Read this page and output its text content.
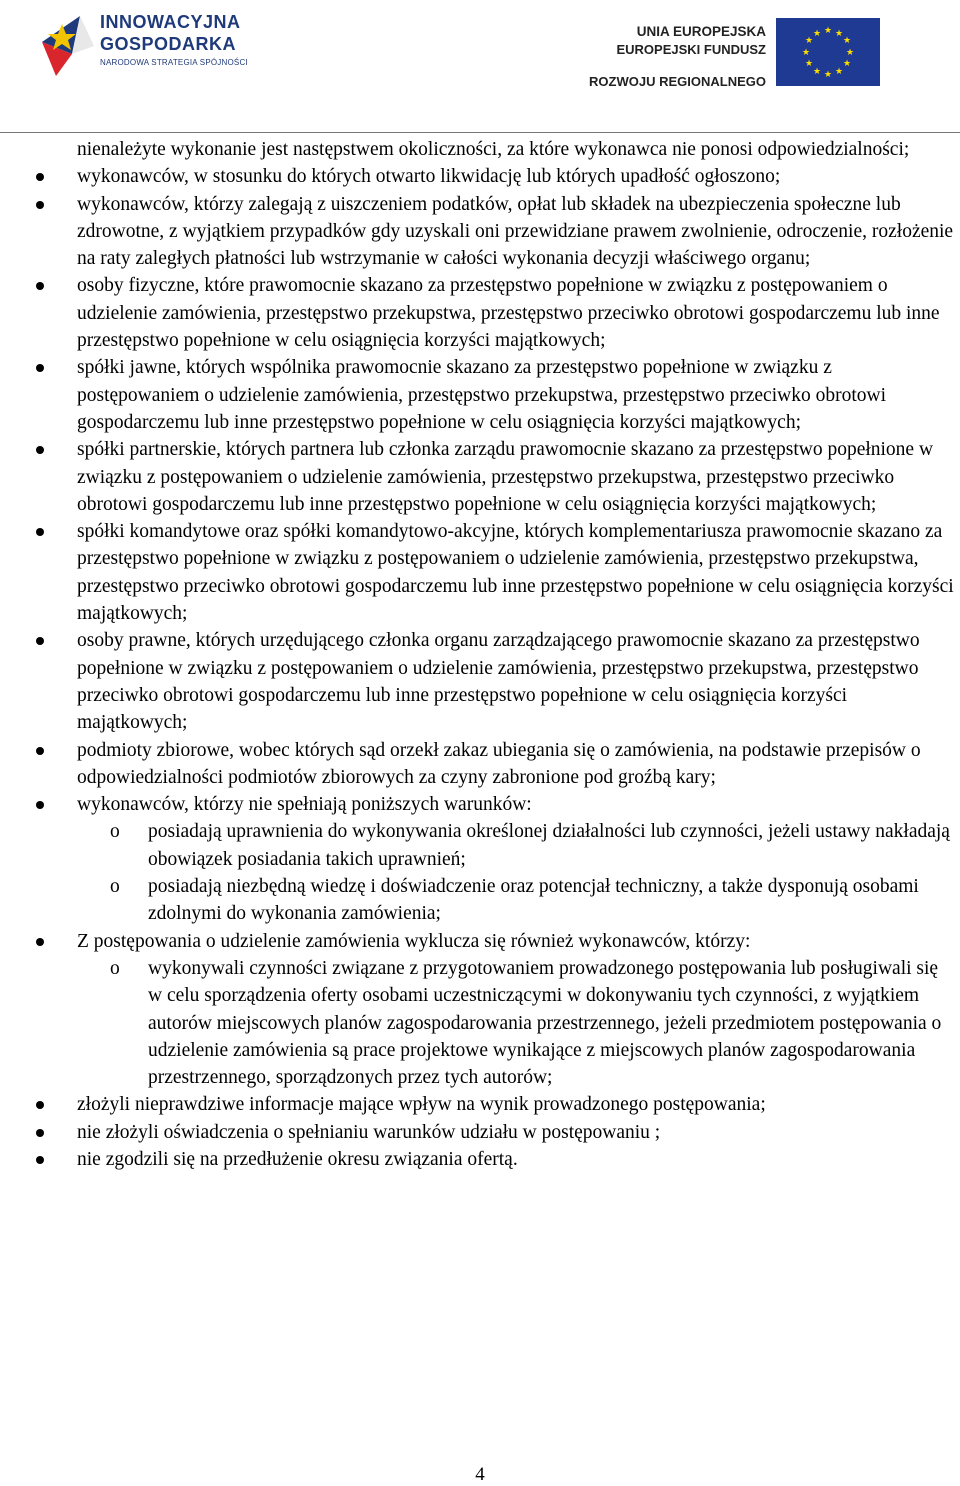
INNOWACYJNA
GOSPODARKA
NARODOWA STRATEGIA SPÓJNOŚCI
UNIA EUROPEJSKA
EUROPEJSKI FUNDUSZ
ROZWOJU REGIONALNEGO
★ ★
★
★
★
★
★
★
★
★
★
★

nienależyte wykonanie jest następstwem okoliczności, za które wykonawca nie ponosi odpowiedzialności;

wykonawców, w stosunku do których otwarto likwidację lub których upadłość ogłoszono;
wykonawców, którzy zalegają z uiszczeniem podatków, opłat lub składek na ubezpieczenia społeczne lub zdrowotne, z wyjątkiem przypadków gdy uzyskali oni przewidziane prawem zwolnienie, odroczenie, rozłożenie na raty zaległych płatności lub wstrzymanie w całości wykonania decyzji właściwego organu;
osoby fizyczne, które prawomocnie skazano za przestępstwo popełnione w związku z postępowaniem o udzielenie zamówienia, przestępstwo przekupstwa, przestępstwo przeciwko obrotowi gospodarczemu lub inne przestępstwo popełnione w celu osiągnięcia korzyści majątkowych;
spółki jawne, których wspólnika prawomocnie skazano za przestępstwo popełnione w związku z postępowaniem o udzielenie zamówienia, przestępstwo przekupstwa, przestępstwo przeciwko obrotowi gospodarczemu lub inne przestępstwo popełnione w celu osiągnięcia korzyści majątkowych;
spółki partnerskie, których partnera lub członka zarządu prawomocnie skazano za przestępstwo popełnione w związku z postępowaniem o udzielenie zamówienia, przestępstwo przekupstwa, przestępstwo przeciwko obrotowi gospodarczemu lub inne przestępstwo popełnione w celu osiągnięcia korzyści majątkowych;
spółki komandytowe oraz spółki komandytowo-akcyjne, których komplementariusza prawomocnie skazano za przestępstwo popełnione w związku z postępowaniem o udzielenie zamówienia, przestępstwo przekupstwa, przestępstwo przeciwko obrotowi gospodarczemu lub inne przestępstwo popełnione w celu osiągnięcia korzyści majątkowych;
osoby prawne, których urzędującego członka organu zarządzającego prawomocnie skazano za przestępstwo popełnione w związku z postępowaniem o udzielenie zamówienia, przestępstwo przekupstwa, przestępstwo przeciwko obrotowi gospodarczemu lub inne przestępstwo popełnione w celu osiągnięcia korzyści majątkowych;
podmioty zbiorowe, wobec których sąd orzekł zakaz ubiegania się o zamówienia, na podstawie przepisów o odpowiedzialności podmiotów zbiorowych za czyny zabronione pod groźbą kary;
wykonawców, którzy nie spełniają poniższych warunków:
o posiadają uprawnienia do wykonywania określonej działalności lub czynności, jeżeli ustawy nakładają obowiązek posiadania takich uprawnień;
o posiadają niezbędną wiedzę i doświadczenie oraz potencjał techniczny, a także dysponują osobami zdolnymi do wykonania zamówienia;
Z postępowania o udzielenie zamówienia wyklucza się również wykonawców, którzy:
o wykonywali czynności związane z przygotowaniem prowadzonego postępowania lub posługiwali się w celu sporządzenia oferty osobami uczestniczącymi w dokonywaniu tych czynności, z wyjątkiem autorów miejscowych planów zagospodarowania przestrzennego, jeżeli przedmiotem postępowania o udzielenie zamówienia są prace projektowe wynikające z miejscowych planów zagospodarowania przestrzennego, sporządzonych przez tych autorów;
złożyli nieprawdziwe informacje mające wpływ na wynik prowadzonego postępowania;
nie złożyli oświadczenia o spełnianiu warunków udziału w postępowaniu ;
nie zgodzili się na przedłużenie okresu związania ofertą.
4
